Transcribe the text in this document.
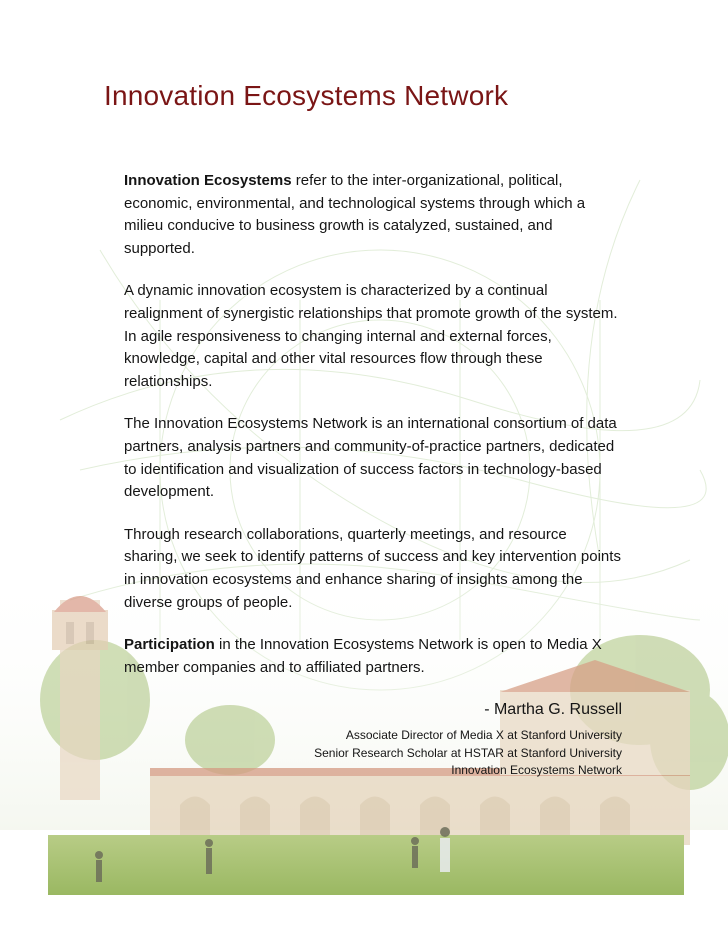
Innovation Ecosystems Network

Innovation Ecosystems refer to the inter-organizational, political, economic, environmental, and technological systems through which a milieu conducive to business growth is catalyzed, sustained, and supported.

A dynamic innovation ecosystem is characterized by a continual realignment of synergistic relationships that promote growth of the system. In agile responsiveness to changing internal and external forces, knowledge, capital and other vital resources flow through these relationships.

The Innovation Ecosystems Network is an international consortium of data partners, analysis partners and community-of-practice partners, dedicated to identification and visualization of success factors in technology-based development.

Through research collaborations, quarterly meetings, and resource sharing, we seek to identify patterns of success and key intervention points in innovation ecosystems and enhance sharing of insights among the diverse groups of people.

Participation in the Innovation Ecosystems Network is open to Media X member companies and to affiliated partners.

- Martha G. Russell
Associate Director of Media X at Stanford University
Senior Research Scholar at HSTAR at Stanford University
Innovation Ecosystems Network
